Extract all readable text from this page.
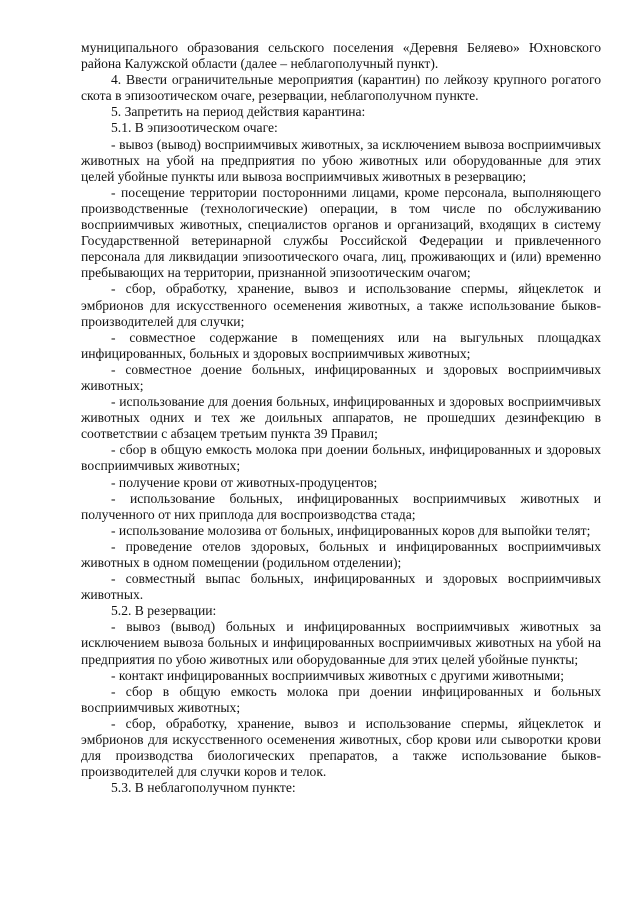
муниципального образования сельского поселения «Деревня Беляево» Юхновского района Калужской области (далее – неблагополучный пункт).

4. Ввести ограничительные мероприятия (карантин) по лейкозу крупного рогатого скота в эпизоотическом очаге, резервации, неблагополучном пункте.

5. Запретить на период действия карантина:

5.1. В эпизоотическом очаге:

- вывоз (вывод) восприимчивых животных, за исключением вывоза восприимчивых животных на убой на предприятия по убою животных или оборудованные для этих целей убойные пункты или вывоза восприимчивых животных в резервацию;

- посещение территории посторонними лицами, кроме персонала, выполняющего производственные (технологические) операции, в том числе по обслуживанию восприимчивых животных, специалистов органов и организаций, входящих в систему Государственной ветеринарной службы Российской Федерации и привлеченного персонала для ликвидации эпизоотического очага, лиц, проживающих и (или) временно пребывающих на территории, признанной эпизоотическим очагом;

- сбор, обработку, хранение, вывоз и использование спермы, яйцеклеток и эмбрионов для искусственного осеменения животных, а также использование быков-производителей для случки;

- совместное содержание в помещениях или на выгульных площадках инфицированных, больных и здоровых восприимчивых животных;

- совместное доение больных, инфицированных и здоровых восприимчивых животных;

- использование для доения больных, инфицированных и здоровых восприимчивых животных одних и тех же доильных аппаратов, не прошедших дезинфекцию в соответствии с абзацем третьим пункта 39 Правил;

- сбор в общую емкость молока при доении больных, инфицированных и здоровых восприимчивых животных;

- получение крови от животных-продуцентов;

- использование больных, инфицированных восприимчивых животных и полученного от них приплода для воспроизводства стада;

- использование молозива от больных, инфицированных коров для выпойки телят;

- проведение отелов здоровых, больных и инфицированных восприимчивых животных в одном помещении (родильном отделении);

- совместный выпас больных, инфицированных и здоровых восприимчивых животных.

5.2. В резервации:

- вывоз (вывод) больных и инфицированных восприимчивых животных за исключением вывоза больных и инфицированных восприимчивых животных на убой на предприятия по убою животных или оборудованные для этих целей убойные пункты;

- контакт инфицированных восприимчивых животных с другими животными;

- сбор в общую емкость молока при доении инфицированных и больных восприимчивых животных;

- сбор, обработку, хранение, вывоз и использование спермы, яйцеклеток и эмбрионов для искусственного осеменения животных, сбор крови или сыворотки крови для производства биологических препаратов, а также использование быков-производителей для случки коров и телок.

5.3. В неблагополучном пункте:
